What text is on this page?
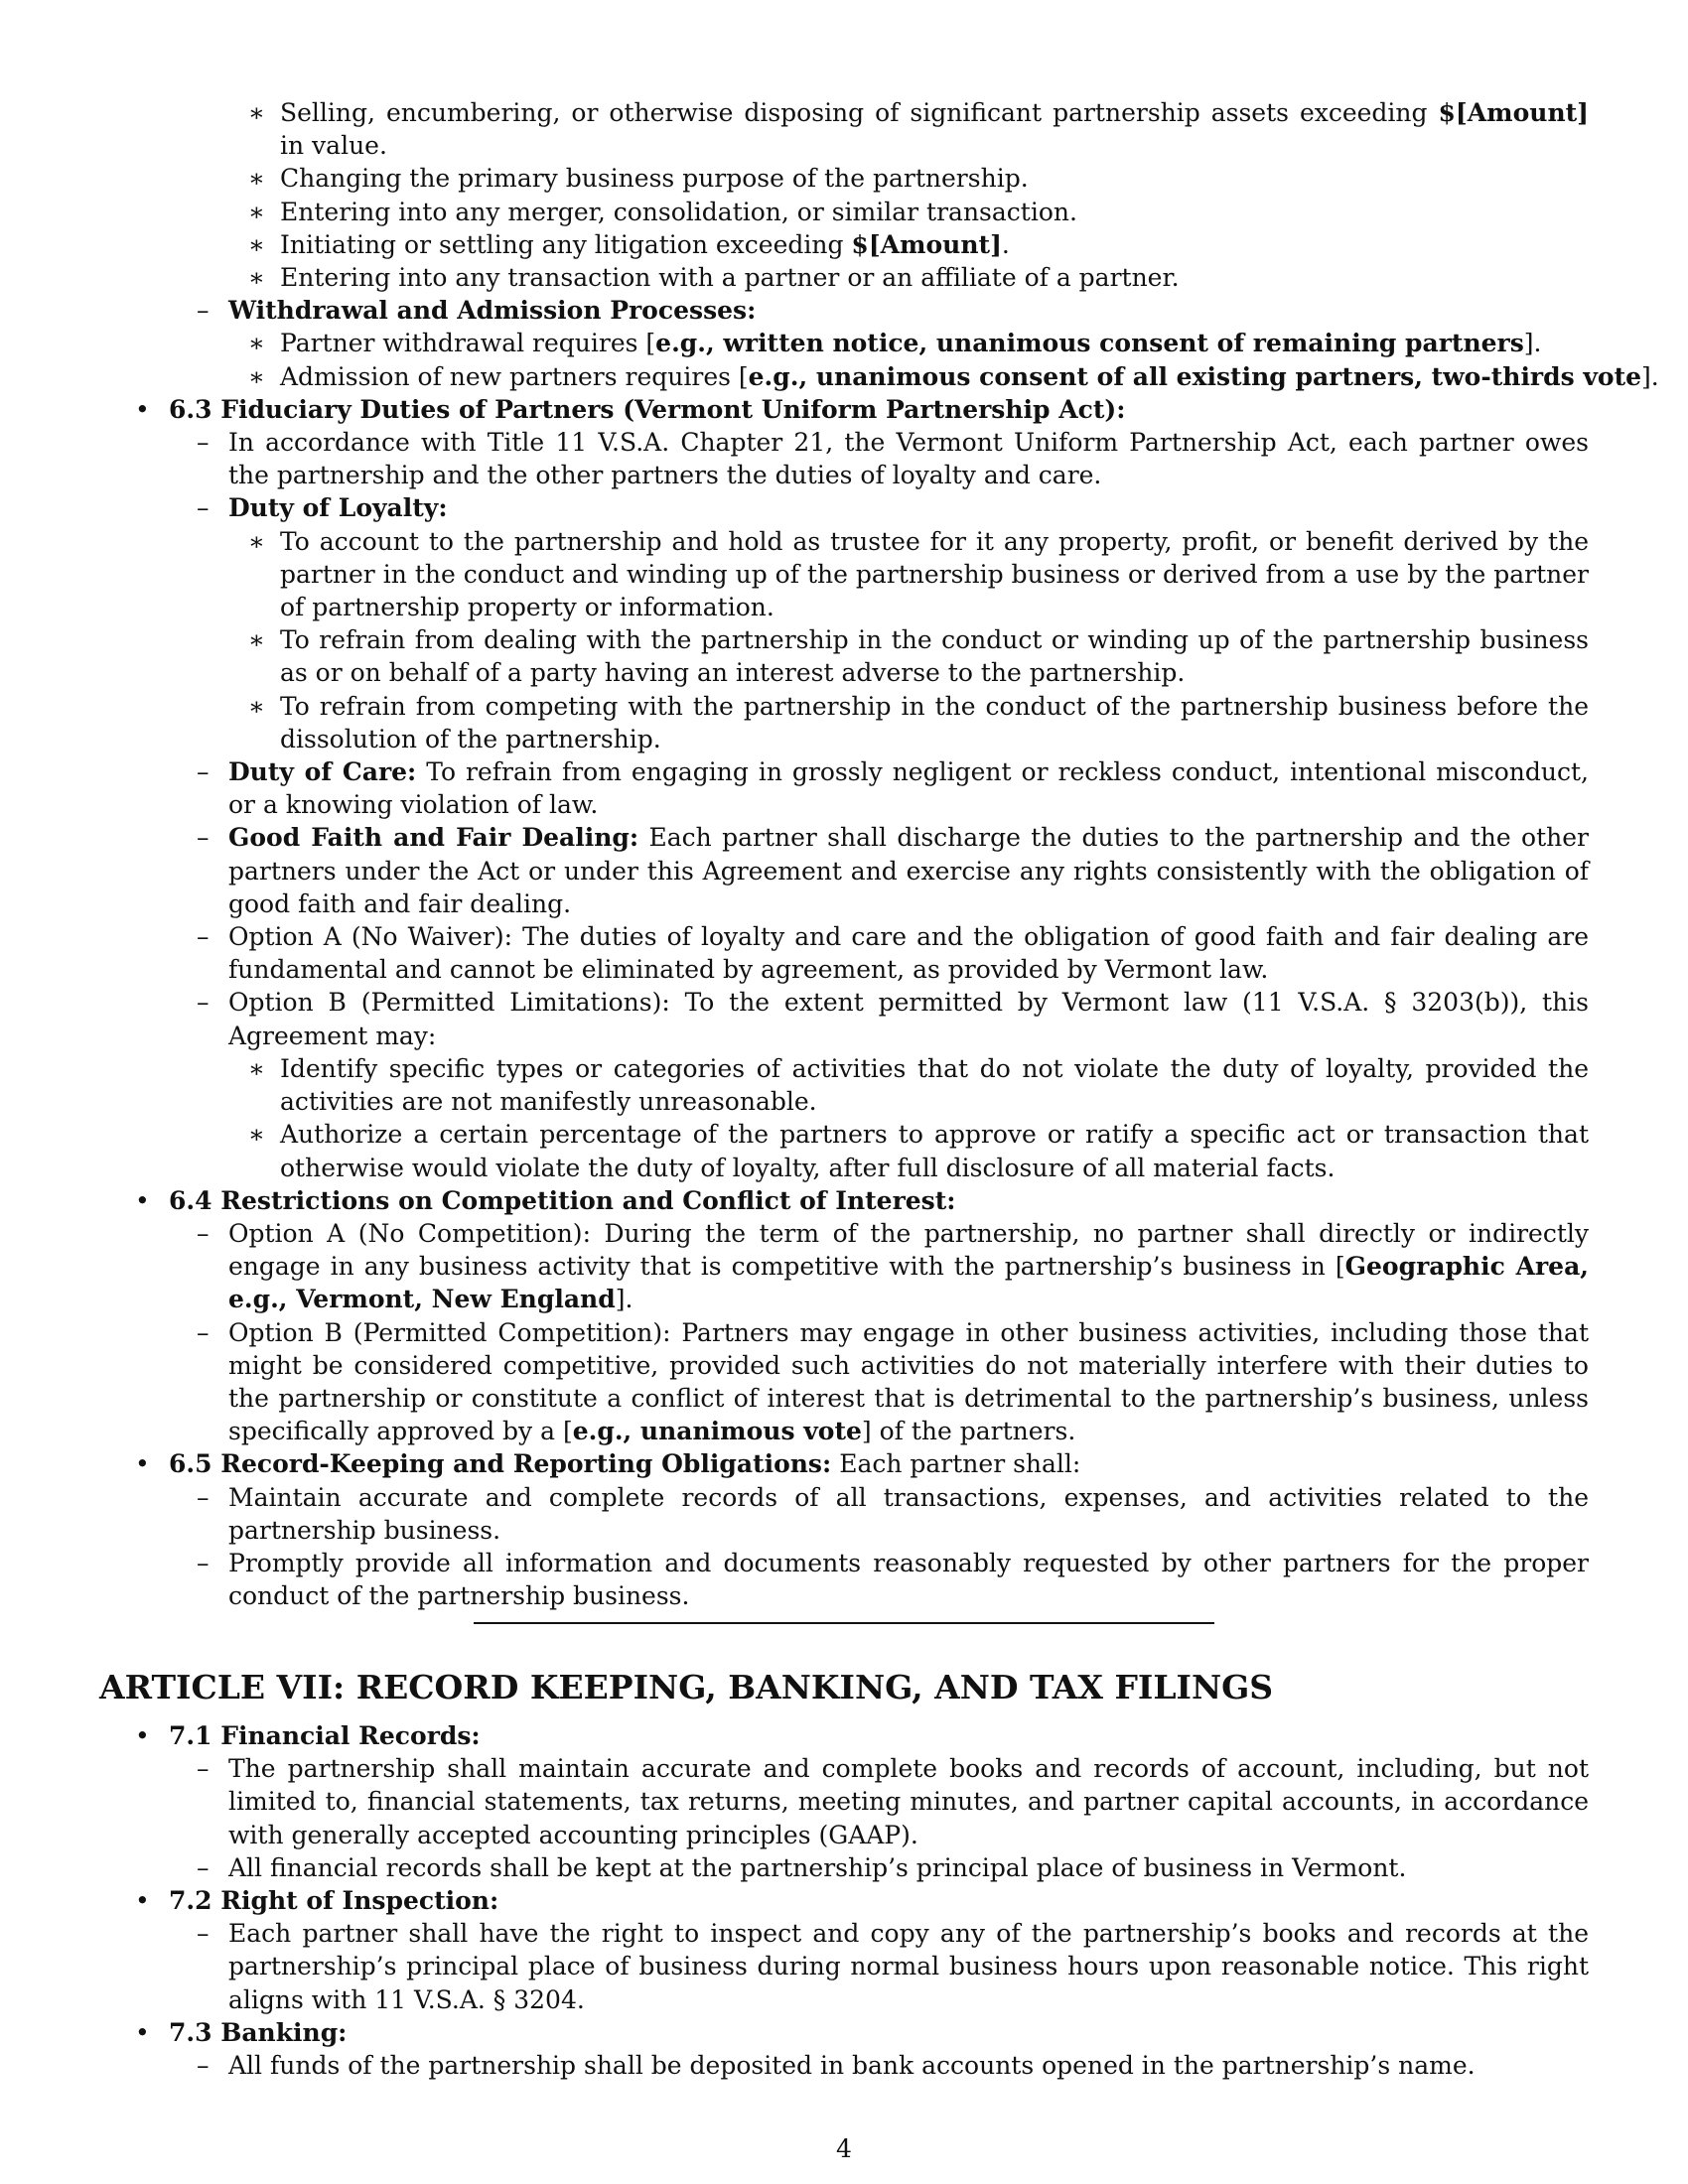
∗ Selling, encumbering, or otherwise disposing of significant partnership assets exceeding $[Amount] in value.
∗ Changing the primary business purpose of the partnership.
∗ Entering into any merger, consolidation, or similar transaction.
∗ Initiating or settling any litigation exceeding $[Amount].
∗ Entering into any transaction with a partner or an affiliate of a partner.
– Withdrawal and Admission Processes:
∗ Partner withdrawal requires [e.g., written notice, unanimous consent of remaining partners].
∗ Admission of new partners requires [e.g., unanimous consent of all existing partners, two-thirds vote].
• 6.3 Fiduciary Duties of Partners (Vermont Uniform Partnership Act):
– In accordance with Title 11 V.S.A. Chapter 21, the Vermont Uniform Partnership Act, each partner owes the partnership and the other partners the duties of loyalty and care.
– Duty of Loyalty:
∗ To account to the partnership and hold as trustee for it any property, profit, or benefit derived by the partner in the conduct and winding up of the partnership business or derived from a use by the partner of partnership property or information.
∗ To refrain from dealing with the partnership in the conduct or winding up of the partnership business as or on behalf of a party having an interest adverse to the partnership.
∗ To refrain from competing with the partnership in the conduct of the partnership business before the dissolution of the partnership.
– Duty of Care: To refrain from engaging in grossly negligent or reckless conduct, intentional misconduct, or a knowing violation of law.
– Good Faith and Fair Dealing: Each partner shall discharge the duties to the partnership and the other partners under the Act or under this Agreement and exercise any rights consistently with the obligation of good faith and fair dealing.
– Option A (No Waiver): The duties of loyalty and care and the obligation of good faith and fair dealing are fundamental and cannot be eliminated by agreement, as provided by Vermont law.
– Option B (Permitted Limitations): To the extent permitted by Vermont law (11 V.S.A. § 3203(b)), this Agreement may:
∗ Identify specific types or categories of activities that do not violate the duty of loyalty, provided the activities are not manifestly unreasonable.
∗ Authorize a certain percentage of the partners to approve or ratify a specific act or transaction that otherwise would violate the duty of loyalty, after full disclosure of all material facts.
• 6.4 Restrictions on Competition and Conflict of Interest:
– Option A (No Competition): During the term of the partnership, no partner shall directly or indirectly engage in any business activity that is competitive with the partnership’s business in [Geographic Area, e.g., Vermont, New England].
– Option B (Permitted Competition): Partners may engage in other business activities, including those that might be considered competitive, provided such activities do not materially interfere with their duties to the partnership or constitute a conflict of interest that is detrimental to the partnership’s business, unless specifically approved by a [e.g., unanimous vote] of the partners.
• 6.5 Record-Keeping and Reporting Obligations: Each partner shall:
– Maintain accurate and complete records of all transactions, expenses, and activities related to the partnership business.
– Promptly provide all information and documents reasonably requested by other partners for the proper conduct of the partnership business.
ARTICLE VII: RECORD KEEPING, BANKING, AND TAX FILINGS
• 7.1 Financial Records:
– The partnership shall maintain accurate and complete books and records of account, including, but not limited to, financial statements, tax returns, meeting minutes, and partner capital accounts, in accordance with generally accepted accounting principles (GAAP).
– All financial records shall be kept at the partnership’s principal place of business in Vermont.
• 7.2 Right of Inspection:
– Each partner shall have the right to inspect and copy any of the partnership’s books and records at the partnership’s principal place of business during normal business hours upon reasonable notice. This right aligns with 11 V.S.A. § 3204.
• 7.3 Banking:
– All funds of the partnership shall be deposited in bank accounts opened in the partnership’s name.
4
